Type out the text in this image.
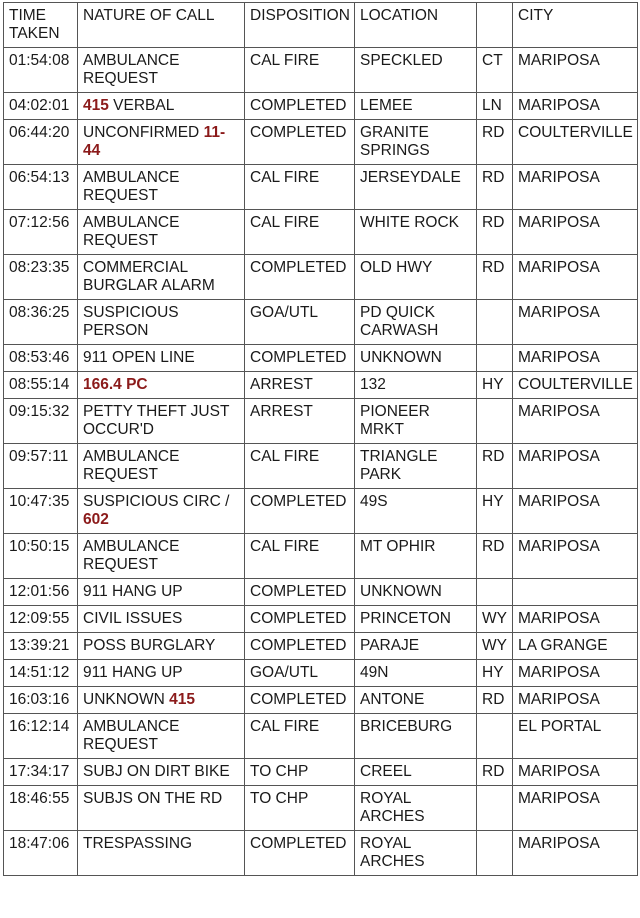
TIME TAKEN	NATURE OF CALL	DISPOSITION	LOCATION		CITY
01:54:08	AMBULANCE REQUEST	CAL FIRE	SPECKLED	CT	MARIPOSA
04:02:01	415 VERBAL	COMPLETED	LEMEE	LN	MARIPOSA
06:44:20	UNCONFIRMED 11-44	COMPLETED	GRANITE SPRINGS	RD	COULTERVILLE
06:54:13	AMBULANCE REQUEST	CAL FIRE	JERSEYDALE	RD	MARIPOSA
07:12:56	AMBULANCE REQUEST	CAL FIRE	WHITE ROCK	RD	MARIPOSA
08:23:35	COMMERCIAL BURGLAR ALARM	COMPLETED	OLD HWY	RD	MARIPOSA
08:36:25	SUSPICIOUS PERSON	GOA/UTL	PD QUICK CARWASH		MARIPOSA
08:53:46	911 OPEN LINE	COMPLETED	UNKNOWN		MARIPOSA
08:55:14	166.4 PC	ARREST	132	HY	COULTERVILLE
09:15:32	PETTY THEFT JUST OCCUR'D	ARREST	PIONEER MRKT		MARIPOSA
09:57:11	AMBULANCE REQUEST	CAL FIRE	TRIANGLE PARK	RD	MARIPOSA
10:47:35	SUSPICIOUS CIRC / 602	COMPLETED	49S	HY	MARIPOSA
10:50:15	AMBULANCE REQUEST	CAL FIRE	MT OPHIR	RD	MARIPOSA
12:01:56	911 HANG UP	COMPLETED	UNKNOWN		
12:09:55	CIVIL ISSUES	COMPLETED	PRINCETON	WY	MARIPOSA
13:39:21	POSS BURGLARY	COMPLETED	PARAJE	WY	LA GRANGE
14:51:12	911 HANG UP	GOA/UTL	49N	HY	MARIPOSA
16:03:16	UNKNOWN 415	COMPLETED	ANTONE	RD	MARIPOSA
16:12:14	AMBULANCE REQUEST	CAL FIRE	BRICEBURG		EL PORTAL
17:34:17	SUBJ ON DIRT BIKE	TO CHP	CREEL	RD	MARIPOSA
18:46:55	SUBJS ON THE RD	TO CHP	ROYAL ARCHES		MARIPOSA
18:47:06	TRESPASSING	COMPLETED	ROYAL ARCHES		MARIPOSA
